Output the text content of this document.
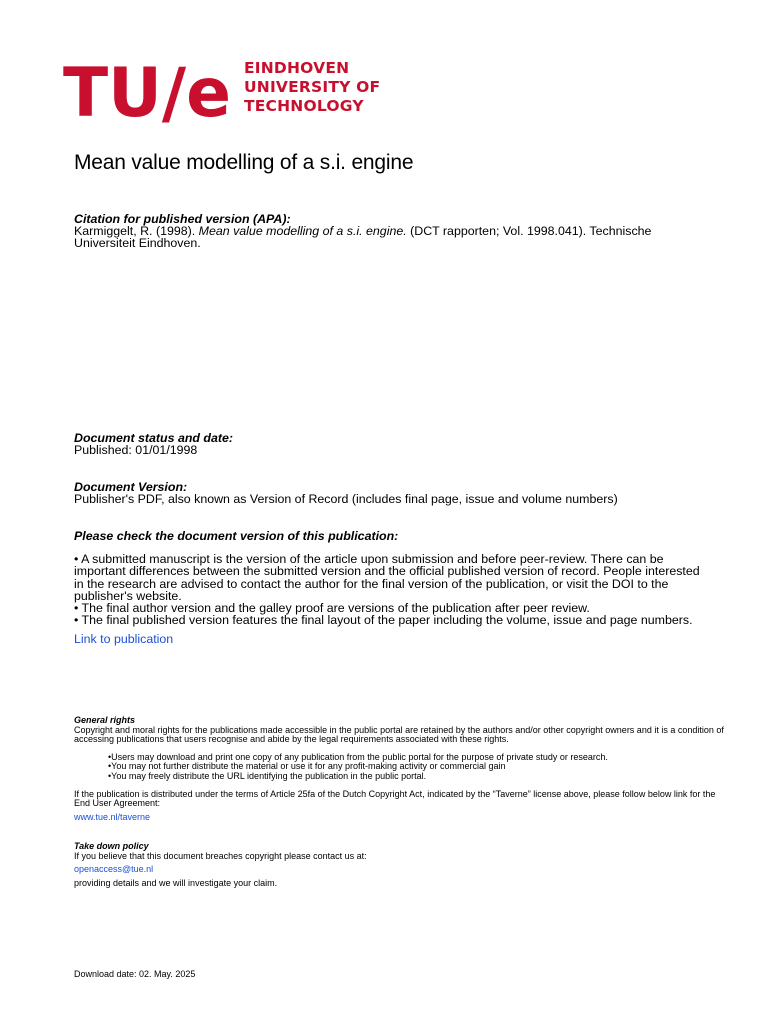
TU/e EINDHOVEN
UNIVERSITY OF
TECHNOLOGY
Mean value modelling of a s.i. engine
Citation for published version (APA):
Karmiggelt, R. (1998). Mean value modelling of a s.i. engine. (DCT rapporten; Vol. 1998.041). Technische Universiteit Eindhoven.
Document status and date:
Published: 01/01/1998
Document Version:
Publisher's PDF, also known as Version of Record (includes final page, issue and volume numbers)
Please check the document version of this publication:
• A submitted manuscript is the version of the article upon submission and before peer-review. There can be important differences between the submitted version and the official published version of record. People interested in the research are advised to contact the author for the final version of the publication, or visit the DOI to the publisher's website.
• The final author version and the galley proof are versions of the publication after peer review.
• The final published version features the final layout of the paper including the volume, issue and page numbers.
Link to publication
General rights
Copyright and moral rights for the publications made accessible in the public portal are retained by the authors and/or other copyright owners and it is a condition of accessing publications that users recognise and abide by the legal requirements associated with these rights.
• Users may download and print one copy of any publication from the public portal for the purpose of private study or research.
• You may not further distribute the material or use it for any profit-making activity or commercial gain
• You may freely distribute the URL identifying the publication in the public portal.
If the publication is distributed under the terms of Article 25fa of the Dutch Copyright Act, indicated by the “Taverne” license above, please follow below link for the End User Agreement:
www.tue.nl/taverne
Take down policy
If you believe that this document breaches copyright please contact us at:
openaccess@tue.nl
providing details and we will investigate your claim.
Download date: 02. May. 2025
